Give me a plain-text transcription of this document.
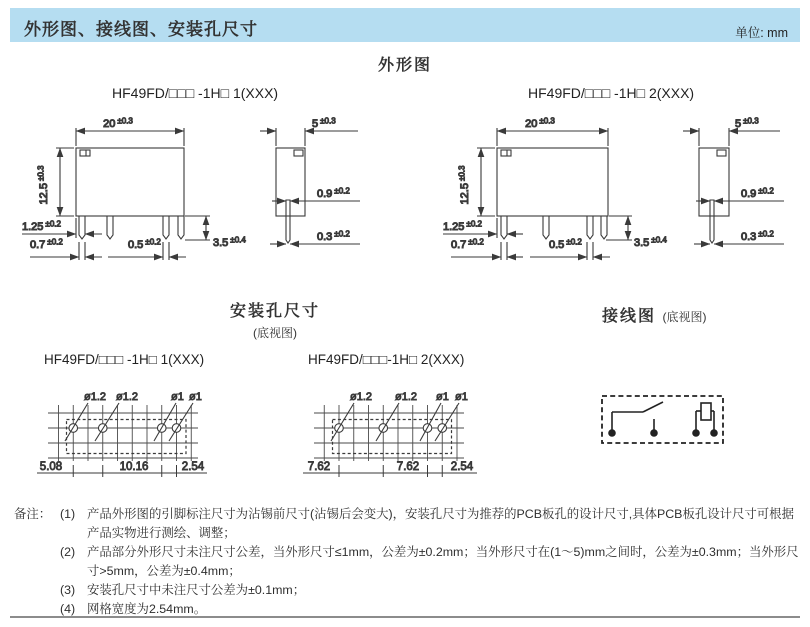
外形图、接线图、安装孔尺寸	单位: mm
外形图
HF49FD/□□□ -1H□ 1(XXX)	HF49FD/□□□ -1H□ 2(XXX)
安装孔尺寸
(底视图)
接线图 (底视图)
HF49FD/□□□ -1H□ 1(XXX)	HF49FD/□□□-1H□ 2(XXX)
20 $^{\pm 0.3}$
$12.5^{\pm 0.3}$
1.25 $^{\pm 0.2}$
0.7 $^{\pm 0.2}$	0.5 $^{\pm 0.2}$	3.5 $^{\pm 0.4}$
5 $^{\pm 0.3}$
0.9 $^{\pm 0.2}$
0.3 $^{\pm 0.2}$
20 $^{\pm 0.3}$
$12.5^{\pm 0.3}$
1.25 $^{\pm 0.2}$
0.7 $^{\pm 0.2}$	0.5 $^{\pm 0.2}$	3.5 $^{\pm 0.4}$
5 $^{\pm 0.3}$
0.9 $^{\pm 0.2}$
0.3 $^{\pm 0.2}$
ø1.2 ø1.2	ø1 ø1
5.08	10.16	2.54
ø1.2 ø1.2 ø1 ø1
7.62	7.62	2.54
备注： (1) 产品外形图的引脚标注尺寸为沾锡前尺寸(沾锡后会变大)，安装孔尺寸为推荐的PCB板孔的设计尺寸,具体PCB板孔设计尺寸可根据产品实物进行测绘、调整；
(2) 产品部分外形尺寸未注尺寸公差，当外形尺寸≤1mm，公差为±0.2mm；当外形尺寸在(1～5)mm之间时，公差为±0.3mm；当外形尺寸>5mm，公差为±0.4mm；
(3) 安装孔尺寸中未注尺寸公差为±0.1mm；
(4) 网格宽度为2.54mm。
